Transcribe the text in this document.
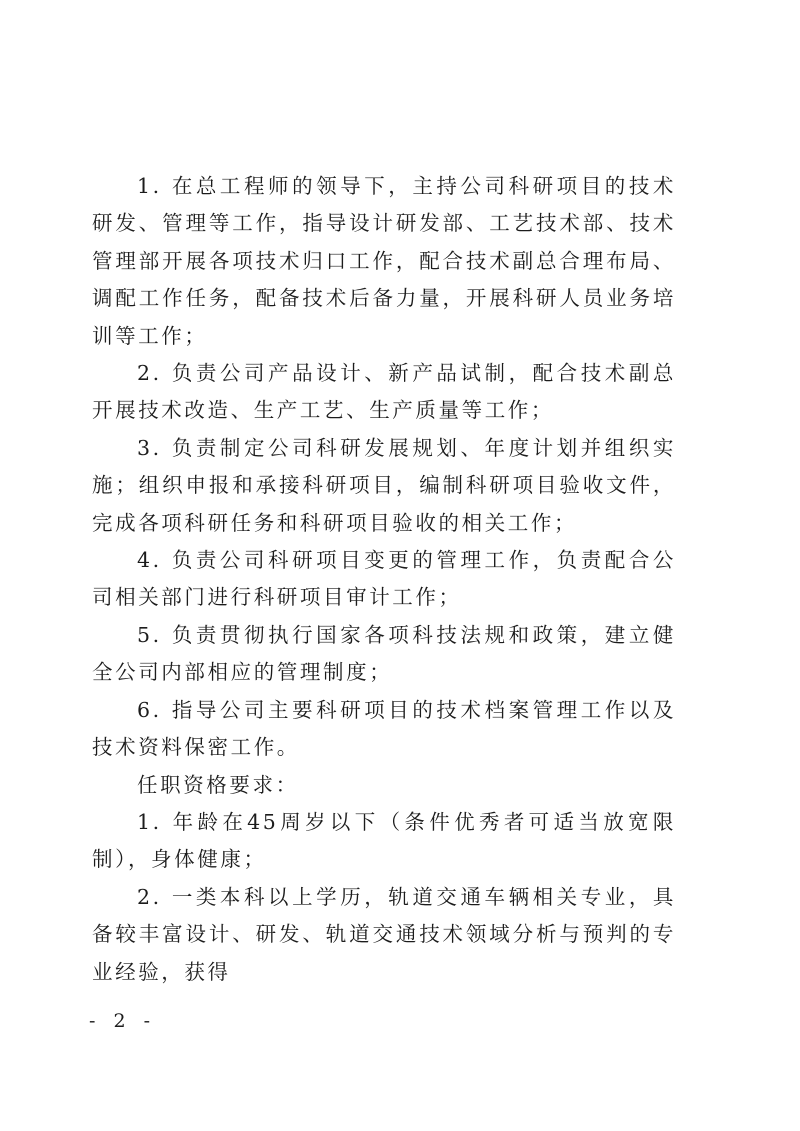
1. 在总工程师的领导下，主持公司科研项目的技术研发、管理等工作，指导设计研发部、工艺技术部、技术管理部开展各项技术归口工作，配合技术副总合理布局、调配工作任务，配备技术后备力量，开展科研人员业务培训等工作；

2. 负责公司产品设计、新产品试制，配合技术副总开展技术改造、生产工艺、生产质量等工作；

3. 负责制定公司科研发展规划、年度计划并组织实施；组织申报和承接科研项目，编制科研项目验收文件，完成各项科研任务和科研项目验收的相关工作；

4. 负责公司科研项目变更的管理工作，负责配合公司相关部门进行科研项目审计工作；

5. 负责贯彻执行国家各项科技法规和政策，建立健全公司内部相应的管理制度；

6. 指导公司主要科研项目的技术档案管理工作以及技术资料保密工作。

任职资格要求：

1. 年龄在45周岁以下（条件优秀者可适当放宽限制），身体健康；

2. 一类本科以上学历，轨道交通车辆相关专业，具备较丰富设计、研发、轨道交通技术领域分析与预判的专业经验，获得

- 2 -
